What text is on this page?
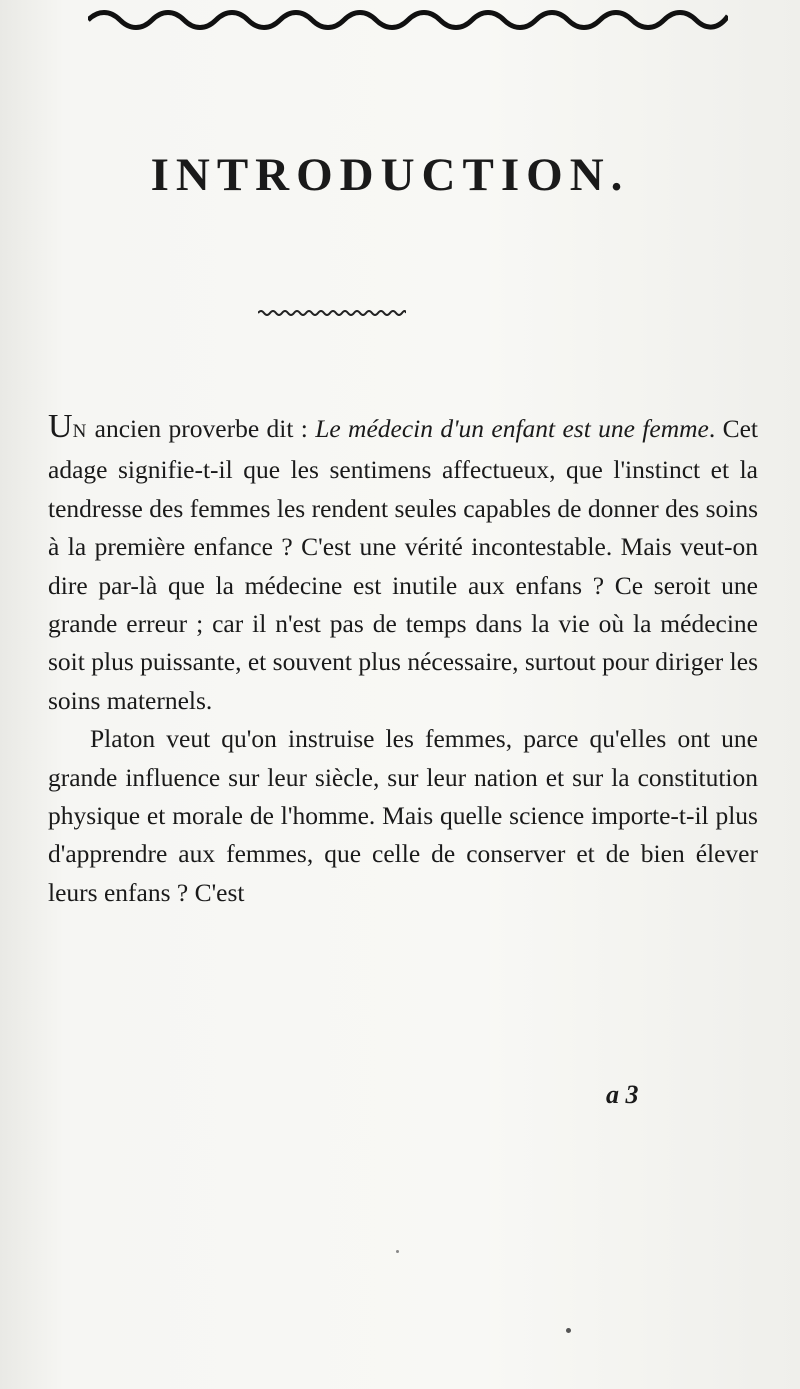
INTRODUCTION.

UN ancien proverbe dit : Le médecin d'un enfant est une femme. Cet adage signifie-t-il que les sentimens affectueux, que l'instinct et la tendresse des femmes les rendent seules capables de donner des soins à la première enfance ? C'est une vérité incontestable. Mais veut-on dire par-là que la médecine est inutile aux enfans ? Ce seroit une grande erreur ; car il n'est pas de temps dans la vie où la médecine soit plus puissante, et souvent plus nécessaire, surtout pour diriger les soins maternels.

Platon veut qu'on instruise les femmes, parce qu'elles ont une grande influence sur leur siècle, sur leur nation et sur la constitution physique et morale de l'homme. Mais quelle science importe-t-il plus d'apprendre aux femmes, que celle de conserver et de bien élever leurs enfans ? C'est

a 3
